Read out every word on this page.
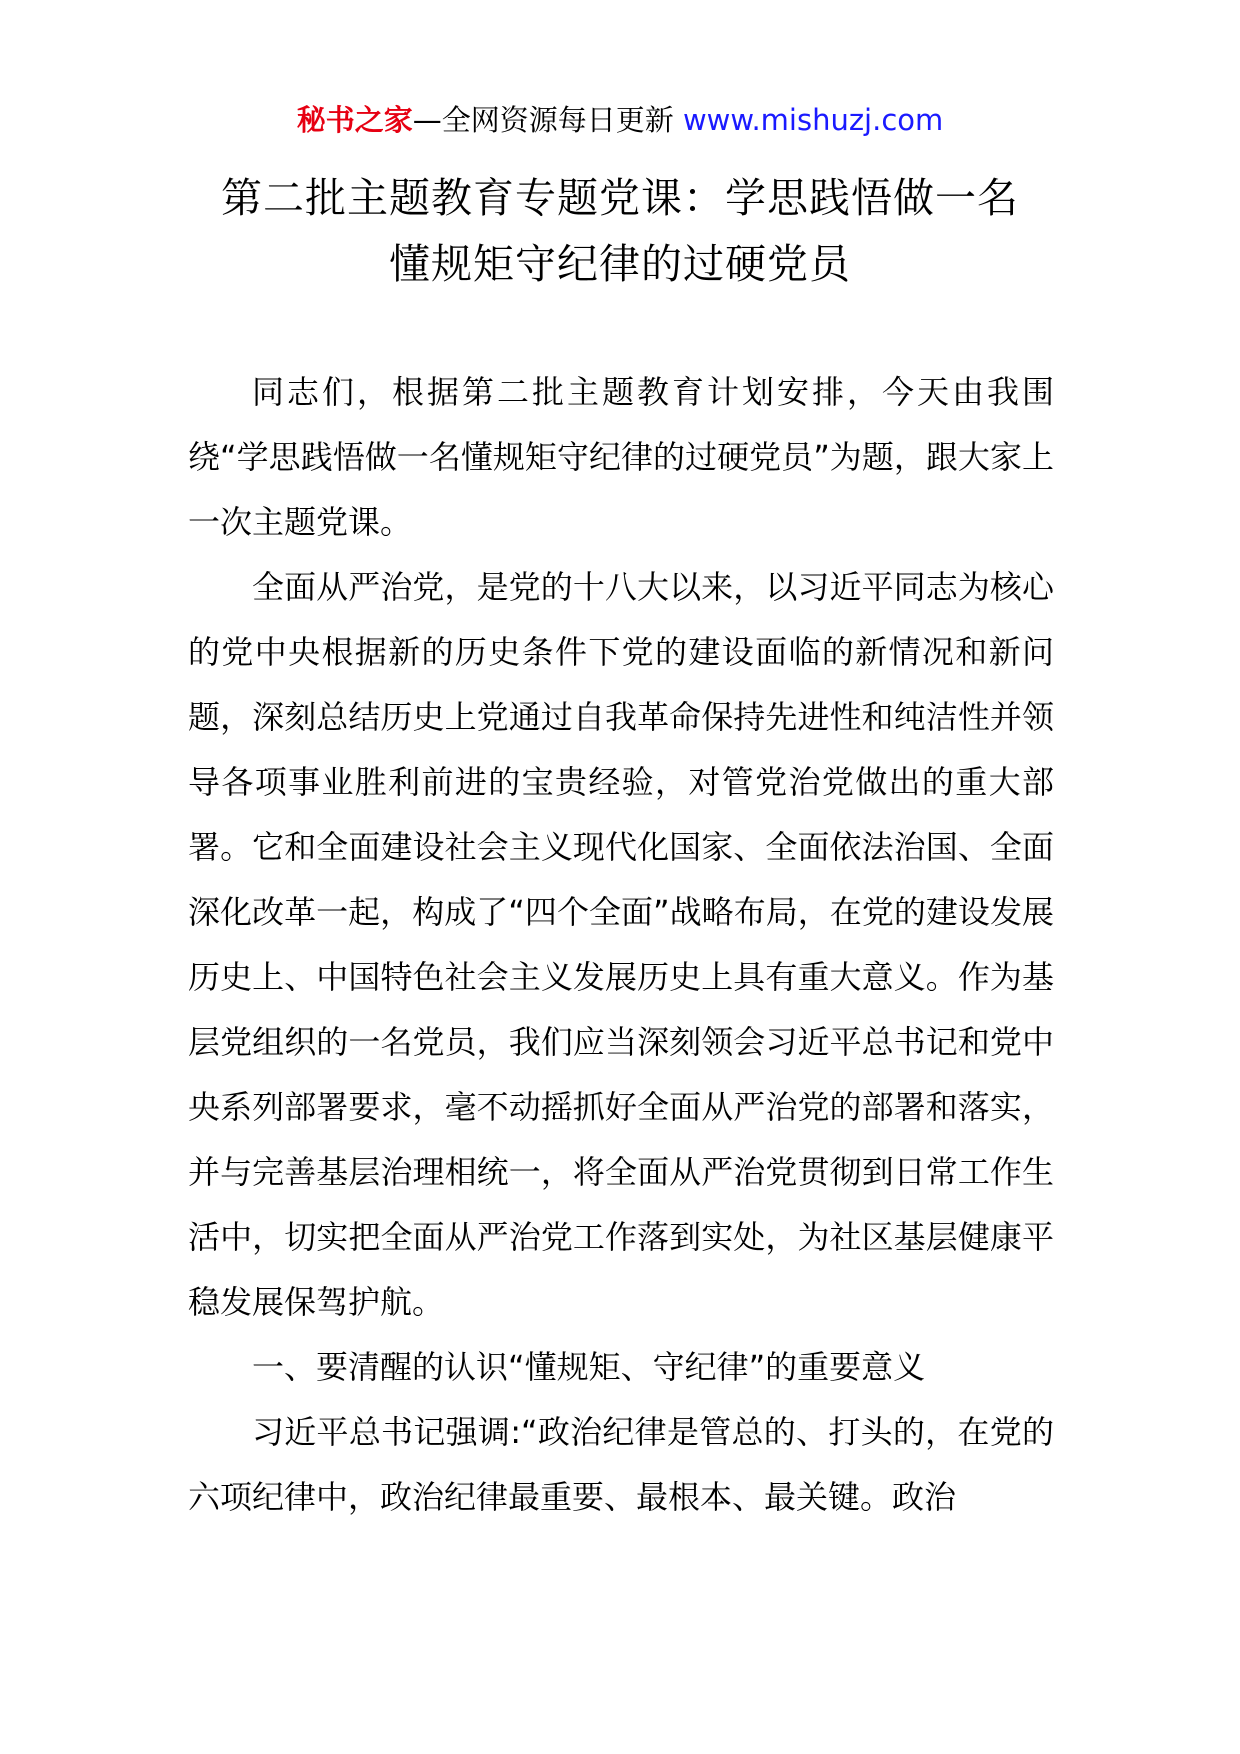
秘书之家—全网资源每日更新 www.mishuzj.com
第二批主题教育专题党课：学思践悟做一名
懂规矩守纪律的过硬党员

同志们，根据第二批主题教育计划安排，今天由我围绕“学思践悟做一名懂规矩守纪律的过硬党员”为题，跟大家上一次主题党课。

全面从严治党，是党的十八大以来，以习近平同志为核心的党中央根据新的历史条件下党的建设面临的新情况和新问题，深刻总结历史上党通过自我革命保持先进性和纯洁性并领导各项事业胜利前进的宝贵经验，对管党治党做出的重大部署。它和全面建设社会主义现代化国家、全面依法治国、全面深化改革一起，构成了“四个全面”战略布局，在党的建设发展历史上、中国特色社会主义发展历史上具有重大意义。作为基层党组织的一名党员，我们应当深刻领会习近平总书记和党中央系列部署要求，毫不动摇抓好全面从严治党的部署和落实，并与完善基层治理相统一，将全面从严治党贯彻到日常工作生活中，切实把全面从严治党工作落到实处，为社区基层健康平稳发展保驾护航。

一、要清醒的认识“懂规矩、守纪律”的重要意义

习近平总书记强调:“政治纪律是管总的、打头的，在党的六项纪律中，政治纪律最重要、最根本、最关键。政治
